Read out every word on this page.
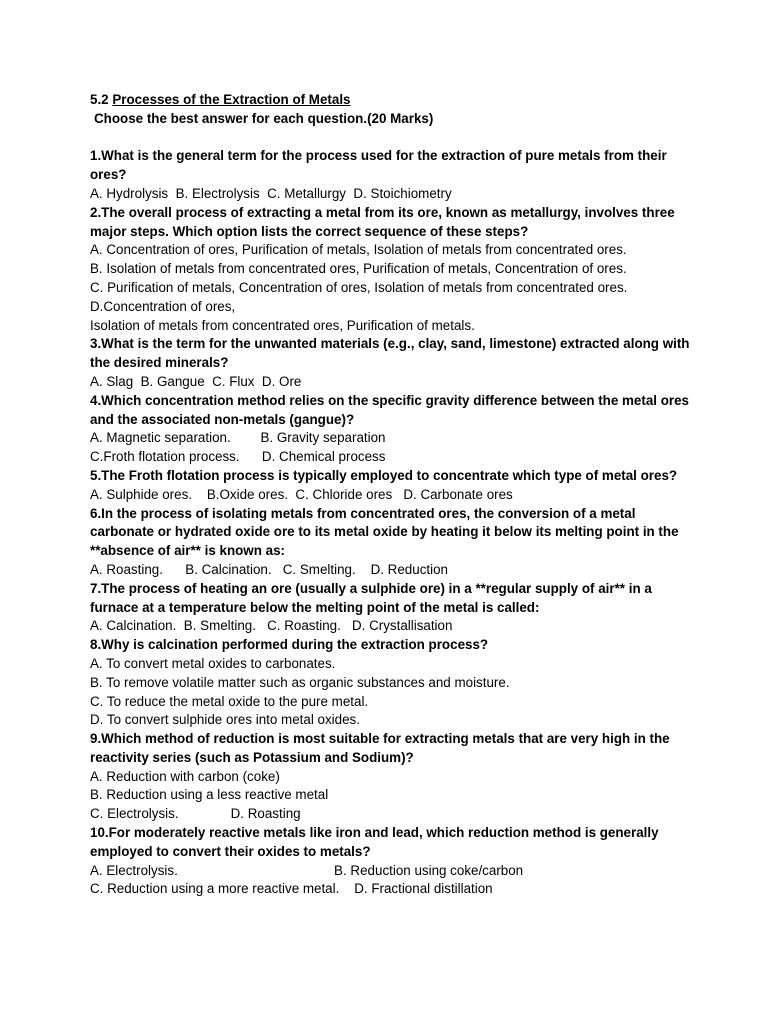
5.2 Processes of the Extraction of Metals

Choose the best answer for each question.(20 Marks)

1.What is the general term for the process used for the extraction of pure metals from their ores?

A. Hydrolysis  B. Electrolysis  C. Metallurgy  D. Stoichiometry

2.The overall process of extracting a metal from its ore, known as metallurgy, involves three major steps. Which option lists the correct sequence of these steps?

A. Concentration of ores, Purification of metals, Isolation of metals from concentrated ores.

B. Isolation of metals from concentrated ores, Purification of metals, Concentration of ores.

C. Purification of metals, Concentration of ores, Isolation of metals from concentrated ores.

D.Concentration of ores,

Isolation of metals from concentrated ores, Purification of metals.

3.What is the term for the unwanted materials (e.g., clay, sand, limestone) extracted along with the desired minerals?

A. Slag  B. Gangue  C. Flux  D. Ore

4.Which concentration method relies on the specific gravity difference between the metal ores and the associated non-metals (gangue)?

A. Magnetic separation.        B. Gravity separation

C.Froth flotation process.      D. Chemical process

5.The Froth flotation process is typically employed to concentrate which type of metal ores?

A. Sulphide ores.    B.Oxide ores.  C. Chloride ores   D. Carbonate ores

6.In the process of isolating metals from concentrated ores, the conversion of a metal carbonate or hydrated oxide ore to its metal oxide by heating it below its melting point in the **absence of air** is known as:

A. Roasting.      B. Calcination.   C. Smelting.    D. Reduction

7.The process of heating an ore (usually a sulphide ore) in a **regular supply of air** in a furnace at a temperature below the melting point of the metal is called:

A. Calcination.  B. Smelting.   C. Roasting.   D. Crystallisation

8.Why is calcination performed during the extraction process?

A. To convert metal oxides to carbonates.

B. To remove volatile matter such as organic substances and moisture.

C. To reduce the metal oxide to the pure metal.

D. To convert sulphide ores into metal oxides.

9.Which method of reduction is most suitable for extracting metals that are very high in the reactivity series (such as Potassium and Sodium)?

A. Reduction with carbon (coke)

B. Reduction using a less reactive metal

C. Electrolysis.              D. Roasting

10.For moderately reactive metals like iron and lead, which reduction method is generally employed to convert their oxides to metals?

A. Electrolysis.                                          B. Reduction using coke/carbon

C. Reduction using a more reactive metal.    D. Fractional distillation
